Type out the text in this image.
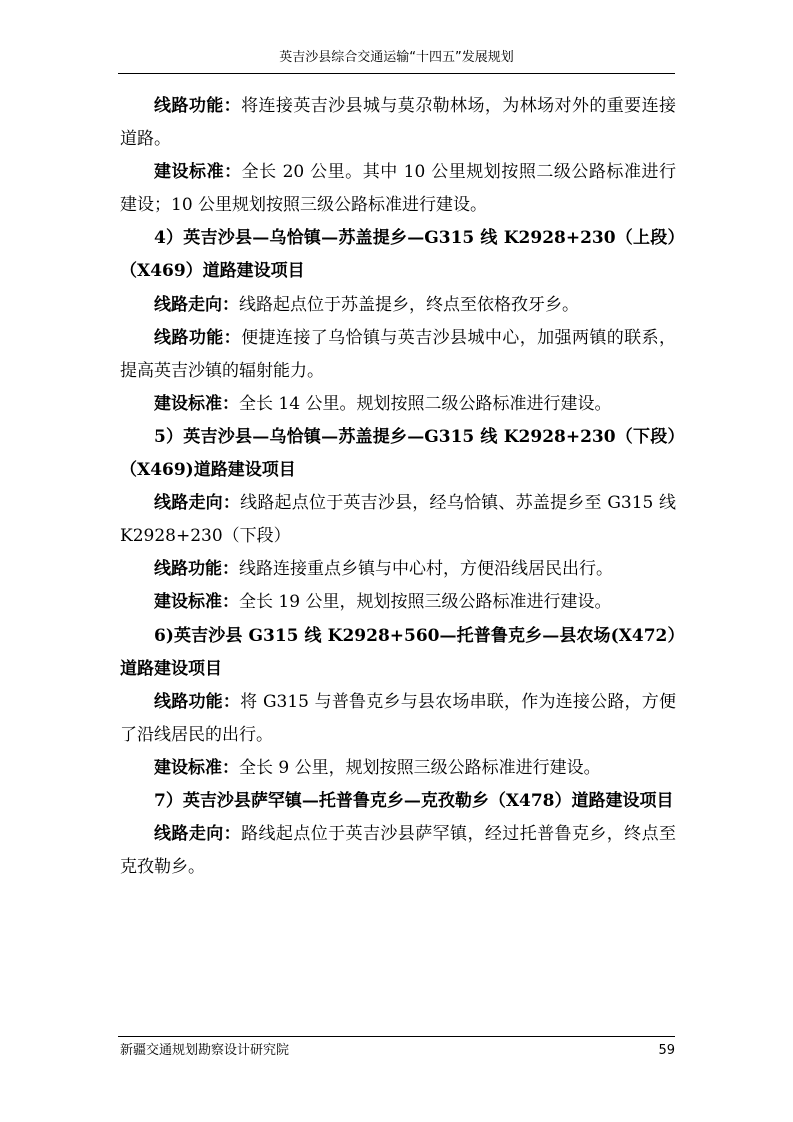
英吉沙县综合交通运输“十四五”发展规划

线路功能：将连接英吉沙县城与莫尕勒林场，为林场对外的重要连接道路。

建设标准：全长 20 公里。其中 10 公里规划按照二级公路标准进行建设；10 公里规划按照三级公路标准进行建设。

4）英吉沙县—乌恰镇—苏盖提乡—G315 线 K2928+230（上段）（X469）道路建设项目

线路走向：线路起点位于苏盖提乡，终点至依格孜牙乡。

线路功能：便捷连接了乌恰镇与英吉沙县城中心，加强两镇的联系，提高英吉沙镇的辐射能力。

建设标准：全长 14 公里。规划按照二级公路标准进行建设。

5）英吉沙县—乌恰镇—苏盖提乡—G315 线 K2928+230（下段）（X469)道路建设项目

线路走向：线路起点位于英吉沙县，经乌恰镇、苏盖提乡至 G315 线 K2928+230（下段）

线路功能：线路连接重点乡镇与中心村，方便沿线居民出行。

建设标准：全长 19 公里，规划按照三级公路标准进行建设。

6)英吉沙县 G315 线 K2928+560—托普鲁克乡—县农场(X472）道路建设项目

线路功能：将 G315 与普鲁克乡与县农场串联，作为连接公路，方便了沿线居民的出行。

建设标准：全长 9 公里，规划按照三级公路标准进行建设。

7）英吉沙县萨罕镇—托普鲁克乡—克孜勒乡（X478）道路建设项目

线路走向：路线起点位于英吉沙县萨罕镇，经过托普鲁克乡，终点至克孜勒乡。

新疆交通规划勘察设计研究院	59
